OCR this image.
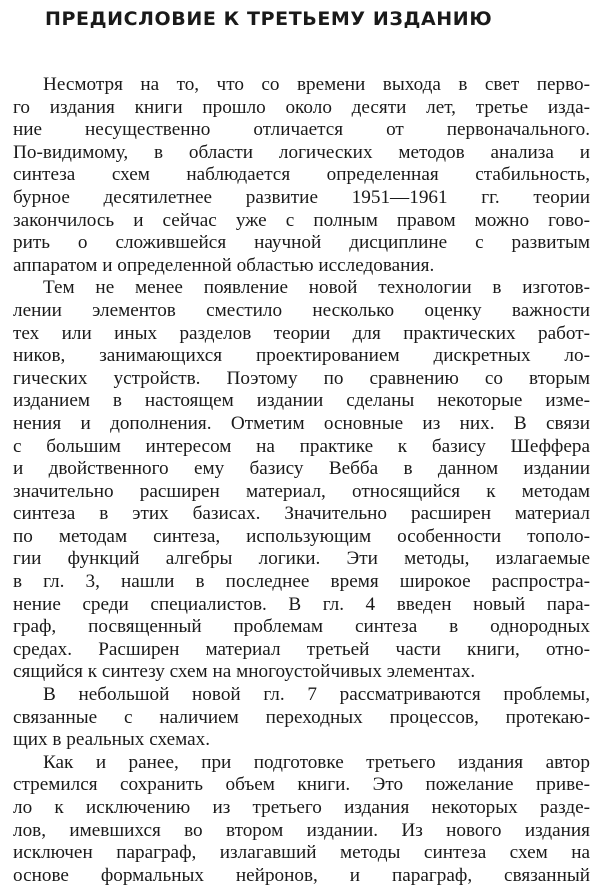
ПРЕДИСЛОВИЕ К ТРЕТЬЕМУ ИЗДАНИЮ
Несмотря на то, что со времени выхода в свет перво-
го издания книги прошло около десяти лет, третье изда-
ние несущественно отличается от первоначального.
По-видимому, в области логических методов анализа и
синтеза схем наблюдается определенная стабильность,
бурное десятилетнее развитие 1951—1961 гг. теории
закончилось и сейчас уже с полным правом можно гово-
рить о сложившейся научной дисциплине с развитым
аппаратом и определенной областью исследования.
Тем не менее появление новой технологии в изготов-
лении элементов сместило несколько оценку важности
тех или иных разделов теории для практических работ-
ников, занимающихся проектированием дискретных ло-
гических устройств. Поэтому по сравнению со вторым
изданием в настоящем издании сделаны некоторые изме-
нения и дополнения. Отметим основные из них. В связи
с большим интересом на практике к базису Шеффера
и двойственного ему базису Вебба в данном издании
значительно расширен материал, относящийся к методам
синтеза в этих базисах. Значительно расширен материал
по методам синтеза, использующим особенности тополо-
гии функций алгебры логики. Эти методы, излагаемые
в гл. 3, нашли в последнее время широкое распростра-
нение среди специалистов. В гл. 4 введен новый пара-
граф, посвященный проблемам синтеза в однородных
средах. Расширен материал третьей части книги, отно-
сящийся к синтезу схем на многоустойчивых элементах.
В небольшой новой гл. 7 рассматриваются проблемы,
связанные с наличием переходных процессов, протекаю-
щих в реальных схемах.
Как и ранее, при подготовке третьего издания автор
стремился сохранить объем книги. Это пожелание приве-
ло к исключению из третьего издания некоторых разде-
лов, имевшихся во втором издании. Из нового издания
исключен параграф, излагавший методы синтеза схем на
основе формальных нейронов, и параграф, связанный
